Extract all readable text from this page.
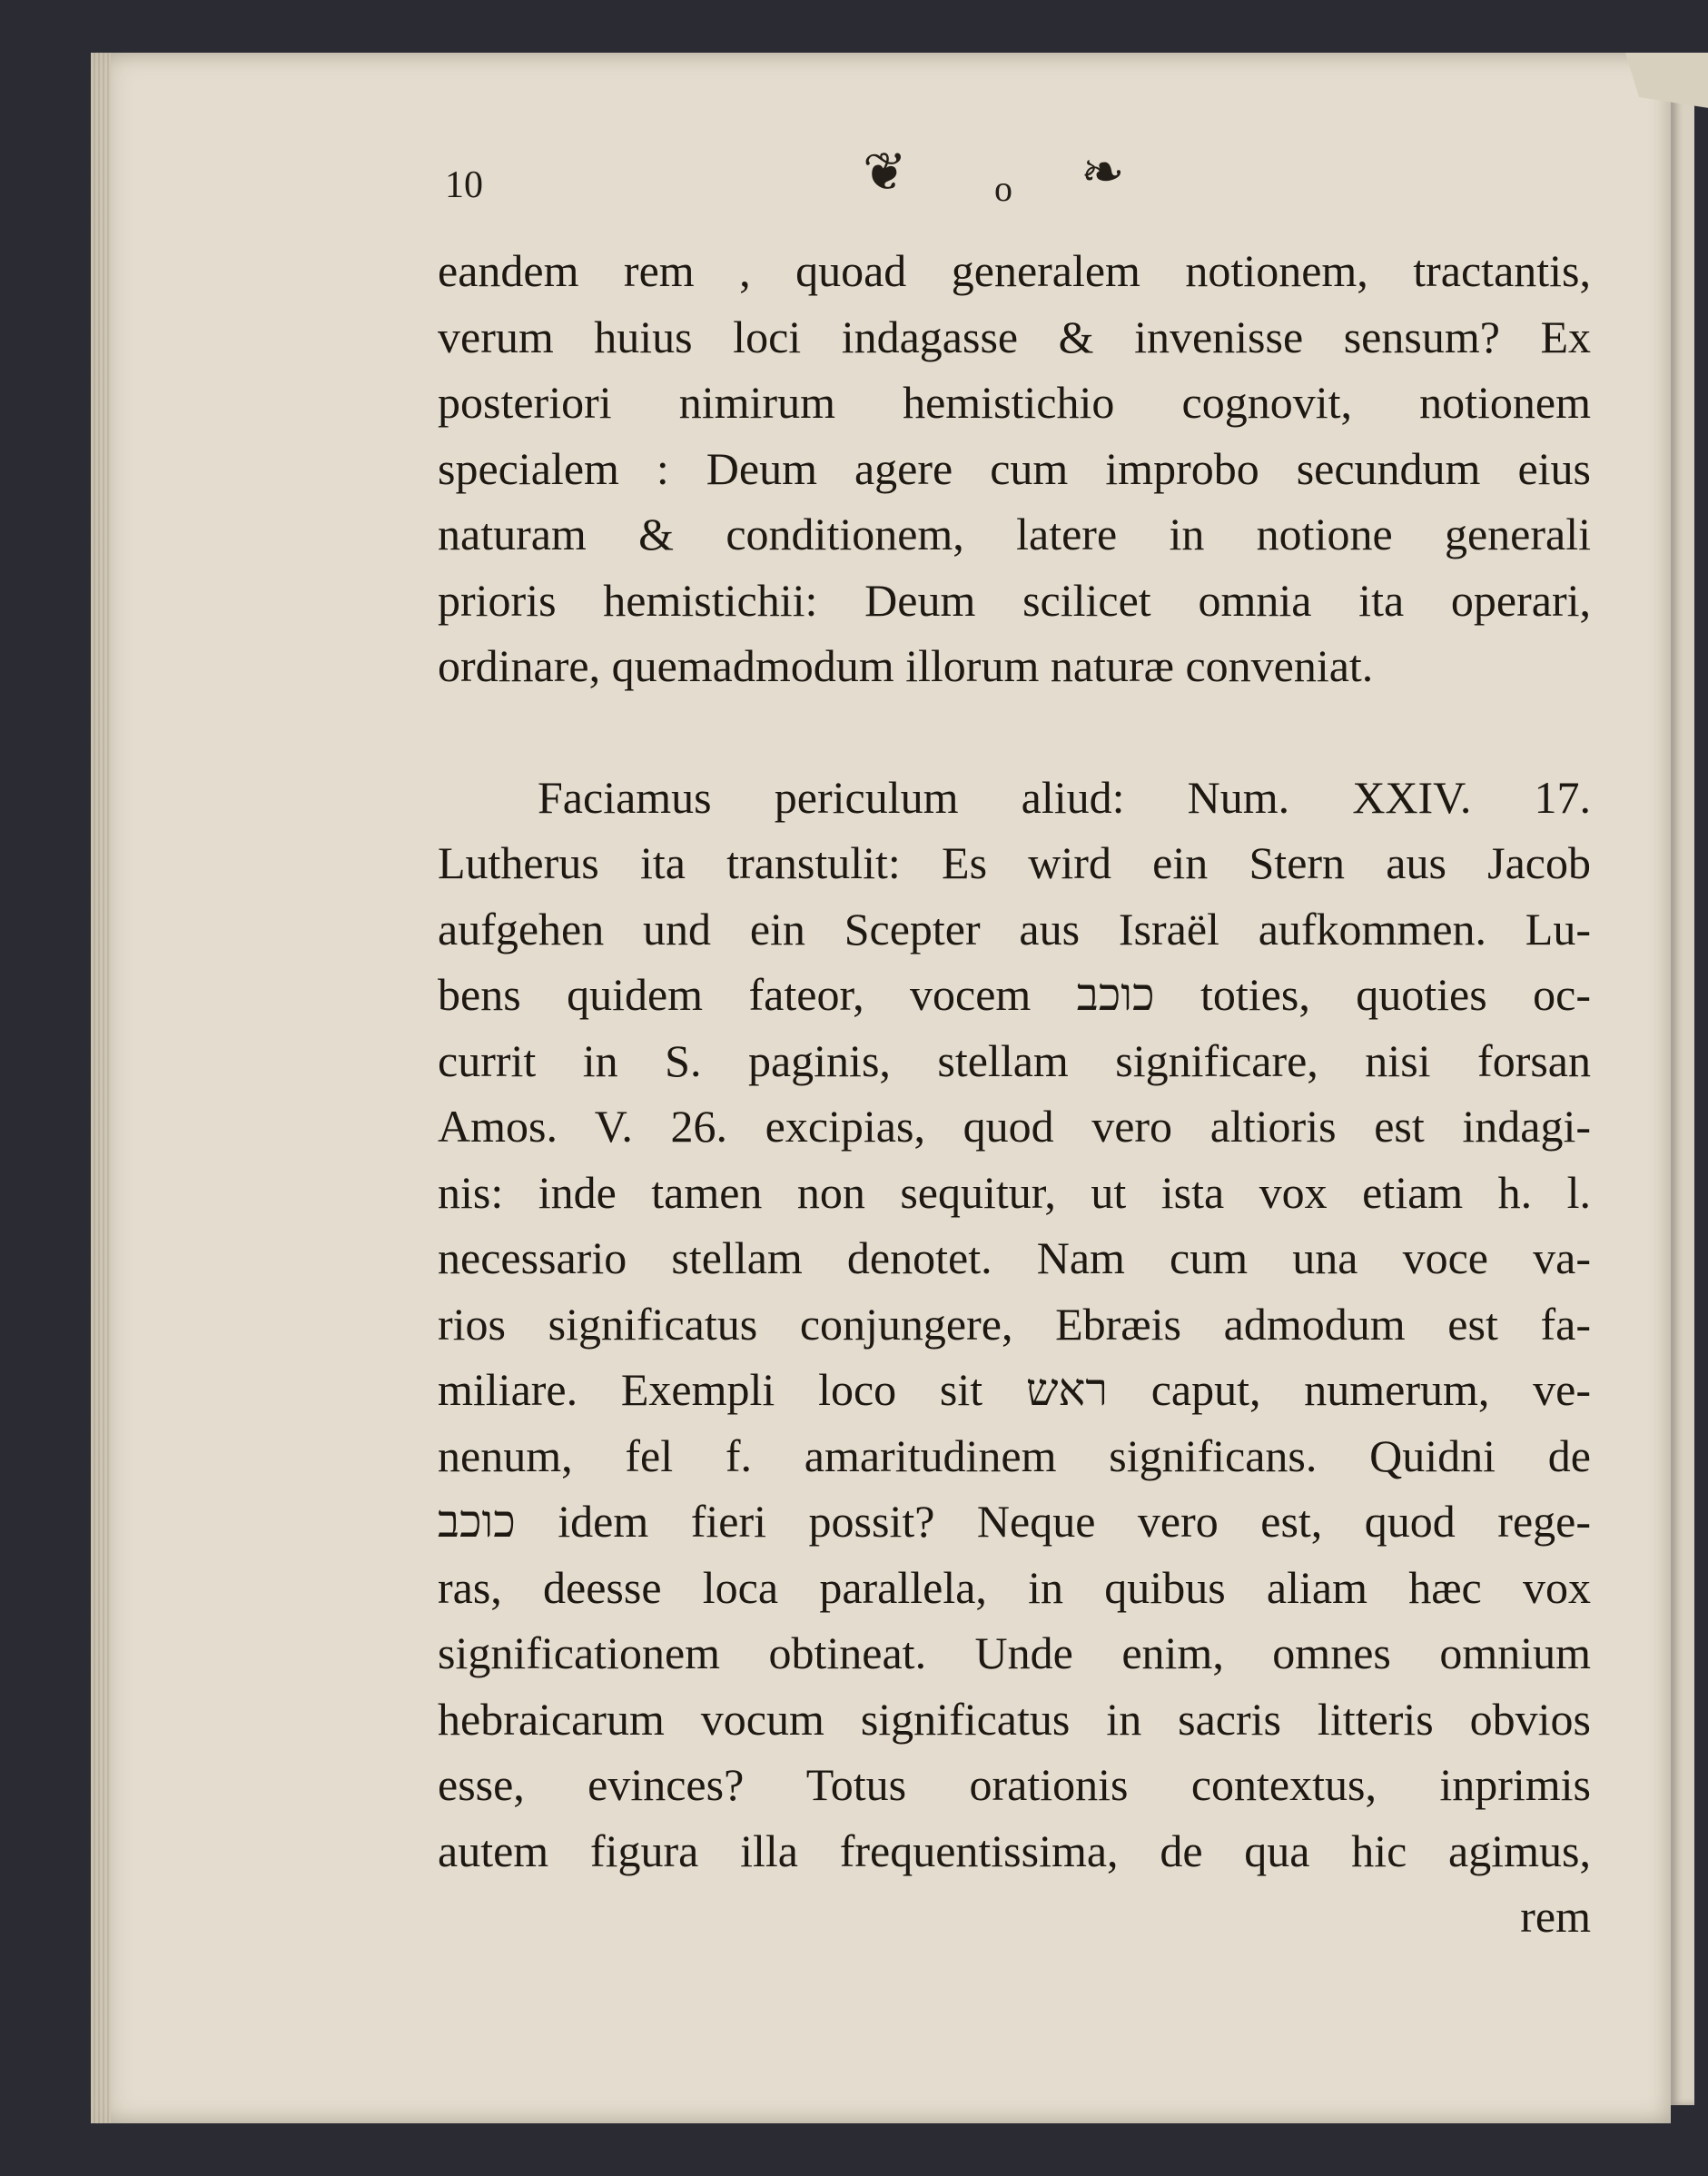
10	❦ o ❧
eandem rem , quoad generalem notionem, tractantis,
verum huius loci indagasse & invenisse sensum? Ex
posteriori nimirum hemistichio cognovit, notionem
specialem : Deum agere cum improbo secundum eius
naturam & conditionem, latere in notione generali
prioris hemistichii: Deum scilicet omnia ita operari,
ordinare, quemadmodum illorum naturæ conveniat.
Faciamus periculum aliud: Num. XXIV. 17.
Lutherus ita transtulit: Es wird ein Stern aus Jacob
aufgehen und ein Scepter aus Israël aufkommen. Lu-
bens quidem fateor, vocem כוכב toties, quoties oc-
currit in S. paginis, stellam significare, nisi forsan
Amos. V. 26. excipias, quod vero altioris est indagi-
nis: inde tamen non sequitur, ut ista vox etiam h. l.
necessario stellam denotet. Nam cum una voce va-
rios significatus conjungere, Ebræis admodum est fa-
miliare. Exempli loco sit ראש caput, numerum, ve-
nenum, fel f. amaritudinem significans. Quidni de
כוכב idem fieri possit? Neque vero est, quod rege-
ras, deesse loca parallela, in quibus aliam hæc vox
significationem obtineat. Unde enim, omnes omnium
hebraicarum vocum significatus in sacris litteris obvios
esse, evinces? Totus orationis contextus, inprimis
autem figura illa frequentissima, de qua hic agimus,
rem
